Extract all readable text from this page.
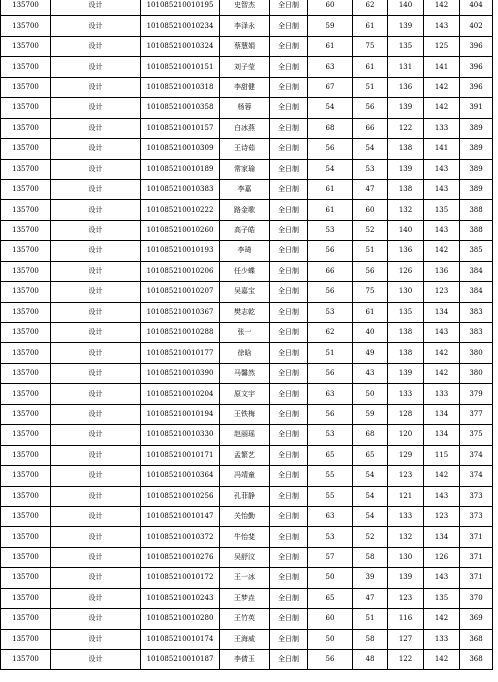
135700	设计	101085210010195	史智杰	全日制	60	62	140	142	404
135700	设计	101085210010234	李泽永	全日制	59	61	139	143	402
135700	设计	101085210010324	蔡慧娟	全日制	61	75	135	125	396
135700	设计	101085210010151	刘子莹	全日制	63	61	131	141	396
135700	设计	101085210010318	李甜健	全日制	67	51	136	142	396
135700	设计	101085210010358	杨蓉	全日制	54	56	139	142	391
135700	设计	101085210010157	白冰燕	全日制	68	66	122	133	389
135700	设计	101085210010309	王诗茹	全日制	56	54	138	141	389
135700	设计	101085210010189	常家瑜	全日制	54	53	139	143	389
135700	设计	101085210010383	李嘉	全日制	61	47	138	143	389
135700	设计	101085210010222	路金歌	全日制	61	60	132	135	388
135700	设计	101085210010260	高子皓	全日制	53	52	140	143	388
135700	设计	101085210010193	李琦	全日制	56	51	136	142	385
135700	设计	101085210010206	任少蝶	全日制	66	56	126	136	384
135700	设计	101085210010207	吴嘉宝	全日制	56	75	130	123	384
135700	设计	101085210010367	樊志乾	全日制	53	61	135	134	383
135700	设计	101085210010288	张一	全日制	62	40	138	143	383
135700	设计	101085210010177	徐晗	全日制	51	49	138	142	380
135700	设计	101085210010390	马馨然	全日制	56	43	139	142	380
135700	设计	101085210010204	原文宇	全日制	63	50	133	133	379
135700	设计	101085210010194	王铁梅	全日制	56	59	128	134	377
135700	设计	101085210010330	赵丽瑶	全日制	53	68	120	134	375
135700	设计	101085210010171	孟繁艺	全日制	65	65	129	115	374
135700	设计	101085210010364	冯靖童	全日制	55	54	123	142	374
135700	设计	101085210010256	孔菲静	全日制	55	54	121	143	373
135700	设计	101085210010147	关怡勤	全日制	63	54	133	123	373
135700	设计	101085210010372	牛怡斐	全日制	53	52	132	134	371
135700	设计	101085210010276	吴舒汶	全日制	57	58	130	126	371
135700	设计	101085210010172	王一冰	全日制	50	39	139	143	371
135700	设计	101085210010243	王梦垚	全日制	65	47	123	135	370
135700	设计	101085210010280	王竹英	全日制	60	51	116	142	369
135700	设计	101085210010174	王海威	全日制	50	58	127	133	368
135700	设计	101085210010187	李倩玉	全日制	56	48	122	142	368
